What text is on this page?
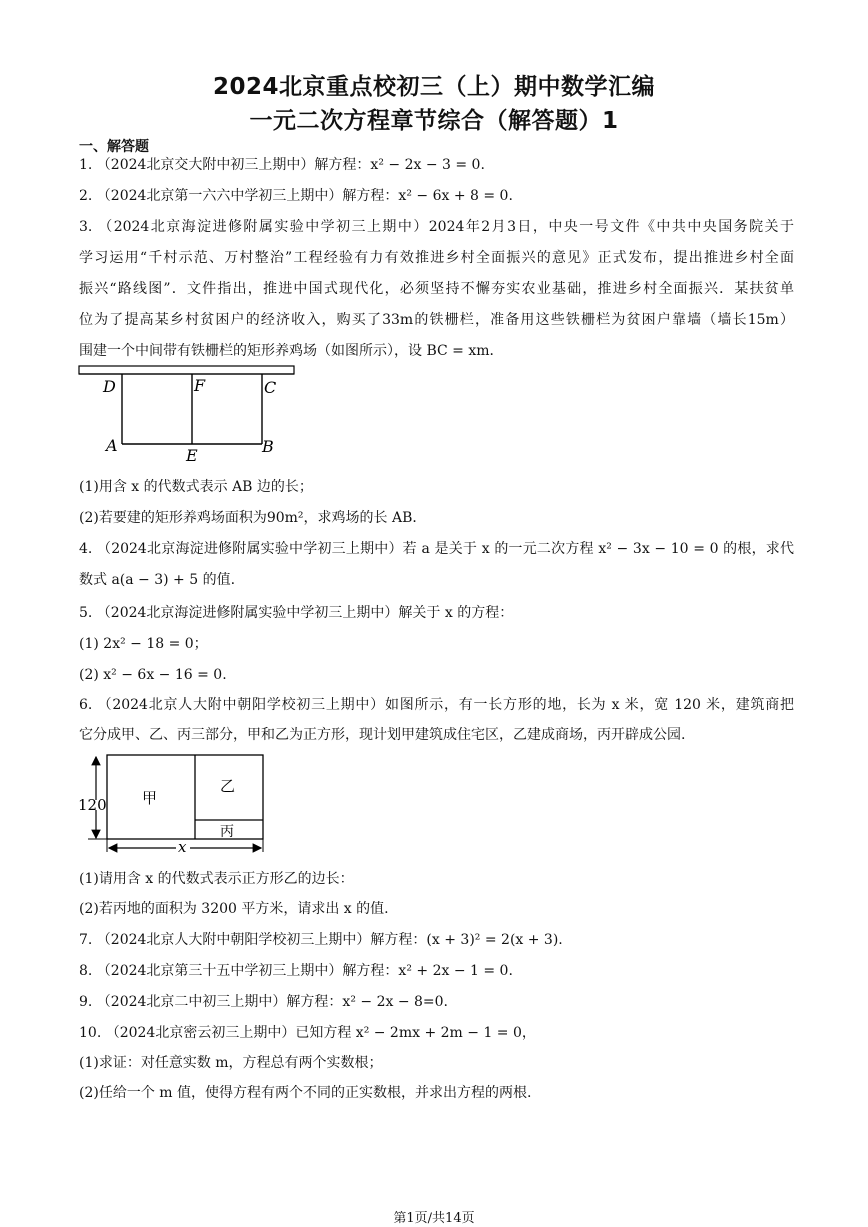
2024北京重点校初三（上）期中数学汇编
一元二次方程章节综合（解答题）1
一、解答题
1. （2024北京交大附中初三上期中）解方程：x² − 2x − 3 = 0.
2. （2024北京第一六六中学初三上期中）解方程：x² − 6x + 8 = 0.
3. （2024北京海淀进修附属实验中学初三上期中）2024年2月3日，中央一号文件《中共中央国务院关于
学习运用“千村示范、万村整治”工程经验有力有效推进乡村全面振兴的意见》正式发布，提出推进乡村全面
振兴“路线图”．文件指出，推进中国式现代化，必须坚持不懈夯实农业基础，推进乡村全面振兴．某扶贫单
位为了提高某乡村贫困户的经济收入，购买了33m的铁栅栏，准备用这些铁栅栏为贫困户靠墙（墙长15m）
围建一个中间带有铁栅栏的矩形养鸡场（如图所示），设 BC = xm．
D	F	C
A
E	B
(1)用含 x 的代数式表示 AB 边的长；
(2)若要建的矩形养鸡场面积为90m²，求鸡场的长 AB．
4. （2024北京海淀进修附属实验中学初三上期中）若 a 是关于 x 的一元二次方程 x² − 3x − 10 = 0 的根，求代
数式 a(a − 3) + 5 的值.
5. （2024北京海淀进修附属实验中学初三上期中）解关于 x 的方程：
(1) 2x² − 18 = 0；
(2) x² − 6x − 16 = 0.
6. （2024北京人大附中朝阳学校初三上期中）如图所示，有一长方形的地，长为 x 米，宽 120 米，建筑商把
它分成甲、乙、丙三部分，甲和乙为正方形，现计划甲建筑成住宅区，乙建成商场，丙开辟成公园.
120
x
甲
乙
丙
(1)请用含 x 的代数式表示正方形乙的边长：
(2)若丙地的面积为 3200 平方米，请求出 x 的值.
7. （2024北京人大附中朝阳学校初三上期中）解方程：(x + 3)² = 2(x + 3).
8. （2024北京第三十五中学初三上期中）解方程：x² + 2x − 1 = 0.
9. （2024北京二中初三上期中）解方程：x² − 2x − 8=0.
10. （2024北京密云初三上期中）已知方程 x² − 2mx + 2m − 1 = 0，
(1)求证：对任意实数 m，方程总有两个实数根；
(2)任给一个 m 值，使得方程有两个不同的正实数根，并求出方程的两根.
第1页/共14页
